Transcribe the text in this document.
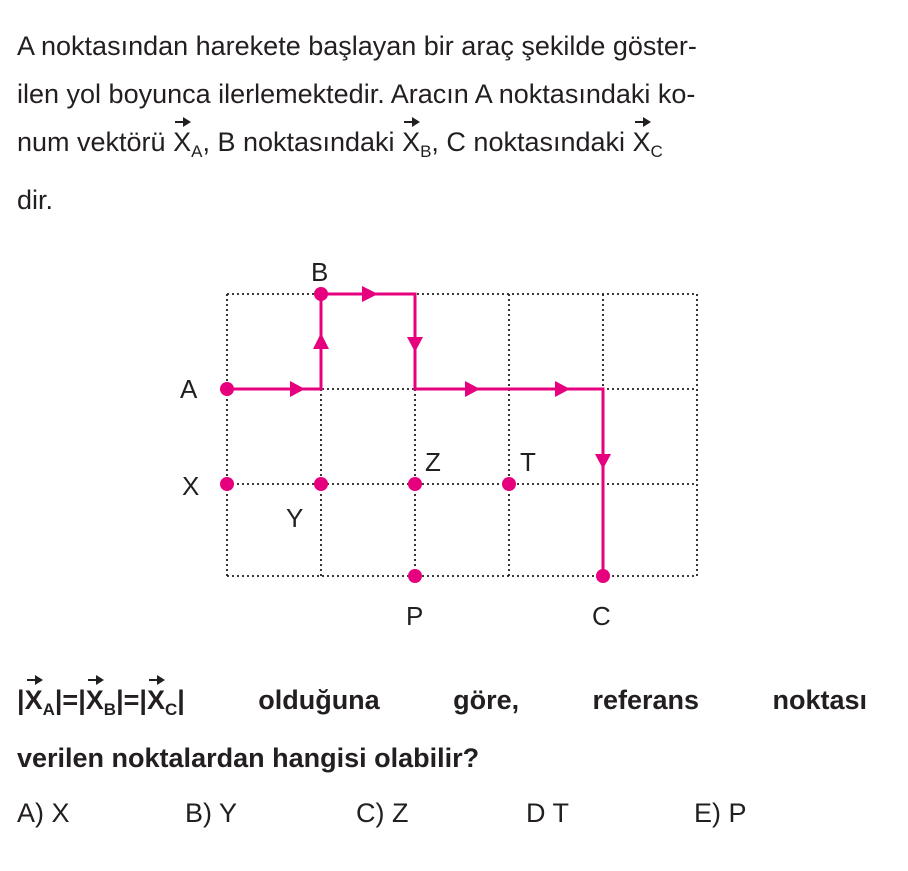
A noktasından harekete başlayan bir araç şekilde göster-
ilen yol boyunca ilerlemektedir. Aracın A noktasındaki ko-
num vektörü $X_A$, B noktasındaki $X_B$, C noktasındaki $X_C$
dir.
A
B
X
Y
Z	T
P	C
$|X_A|=|X_B|=|X_C|$	olduğuna	göre,	referans	noktası
verilen noktalardan hangisi olabilir?
A) X	B) Y	C) Z	D T	E) P
